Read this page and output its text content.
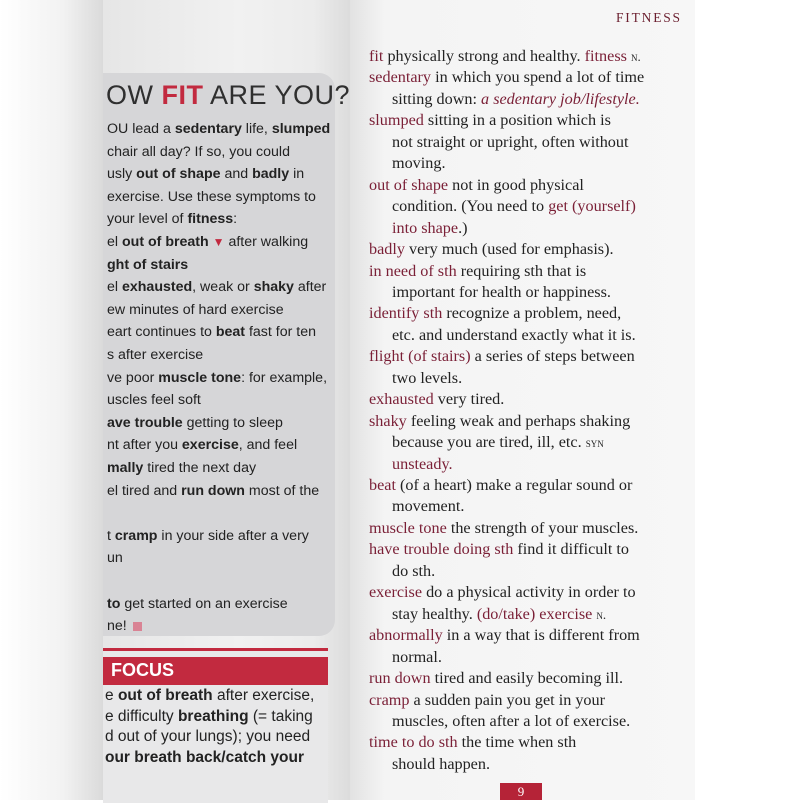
OW FIT ARE YOU?
OU lead a sedentary life, slumped
chair all day? If so, you could
usly out of shape and badly in
exercise. Use these symptoms to
your level of fitness:
el out of breath ▼ after walking
ght of stairs
el exhausted, weak or shaky after
ew minutes of hard exercise
eart continues to beat fast for ten
s after exercise
ve poor muscle tone: for example,
uscles feel soft
ave trouble getting to sleep
nt after you exercise, and feel
mally tired the next day
el tired and run down most of the
t cramp in your side after a very
un
to get started on an exercise
ne!
FOCUS
e out of breath after exercise,
e difficulty breathing (= taking
d out of your lungs); you need
our breath back/catch your
FITNESS
fit physically strong and healthy. fitness n.
sedentary in which you spend a lot of time
sitting down: a sedentary job/lifestyle.
slumped sitting in a position which is
not straight or upright, often without
moving.
out of shape not in good physical
condition. (You need to get (yourself)
into shape.)
badly very much (used for emphasis).
in need of sth requiring sth that is
important for health or happiness.
identify sth recognize a problem, need,
etc. and understand exactly what it is.
flight (of stairs) a series of steps between
two levels.
exhausted very tired.
shaky feeling weak and perhaps shaking
because you are tired, ill, etc. syn
unsteady.
beat (of a heart) make a regular sound or
movement.
muscle tone the strength of your muscles.
have trouble doing sth find it difficult to
do sth.
exercise do a physical activity in order to
stay healthy. (do/take) exercise n.
abnormally in a way that is different from
normal.
run down tired and easily becoming ill.
cramp a sudden pain you get in your
muscles, often after a lot of exercise.
time to do sth the time when sth
should happen.
9
